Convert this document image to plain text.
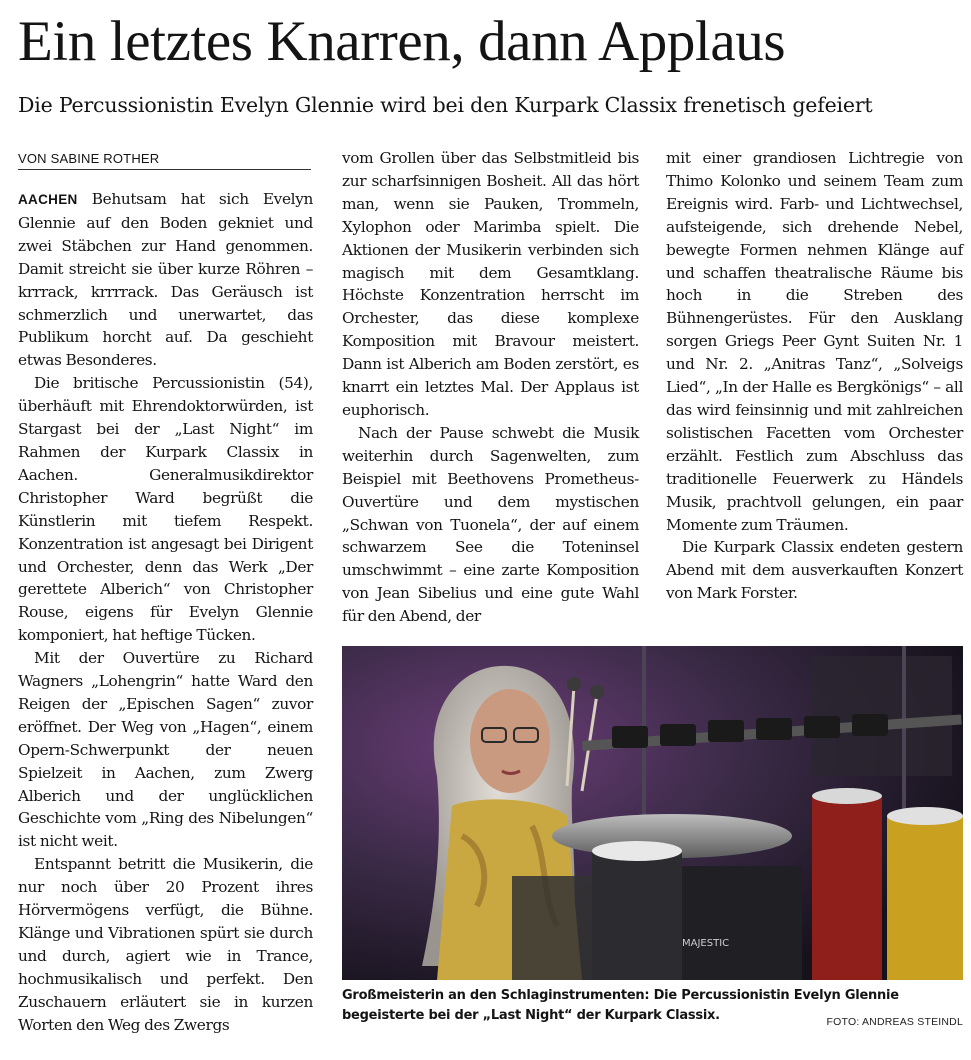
Ein letztes Knarren, dann Applaus
Die Percussionistin Evelyn Glennie wird bei den Kurpark Classix frenetisch gefeiert
VON SABINE ROTHER

AACHEN Behutsam hat sich Evelyn Glennie auf den Boden gekniet und zwei Stäbchen zur Hand genommen. Damit streicht sie über kurze Röhren – krrrack, krrrrack. Das Geräusch ist schmerzlich und unerwartet, das Publikum horcht auf. Da geschieht etwas Besonderes.

Die britische Percussionistin (54), überhäuft mit Ehrendoktorwürden, ist Stargast bei der „Last Night“ im Rahmen der Kurpark Classix in Aachen. Generalmusikdirektor Christopher Ward begrüßt die Künstlerin mit tiefem Respekt. Konzentration ist angesagt bei Dirigent und Orchester, denn das Werk „Der gerettete Alberich“ von Christopher Rouse, eigens für Evelyn Glennie komponiert, hat heftige Tücken.

Mit der Ouvertüre zu Richard Wagners „Lohengrin“ hatte Ward den Reigen der „Epischen Sagen“ zuvor eröffnet. Der Weg von „Hagen“, einem Opern-Schwerpunkt der neuen Spielzeit in Aachen, zum Zwerg Alberich und der unglücklichen Geschichte vom „Ring des Nibelungen“ ist nicht weit.

Entspannt betritt die Musikerin, die nur noch über 20 Prozent ihres Hörvermögens verfügt, die Bühne. Klänge und Vibrationen spürt sie durch und durch, agiert wie in Trance, hochmusikalisch und perfekt. Den Zuschauern erläutert sie in kurzen Worten den Weg des Zwergs

vom Grollen über das Selbstmitleid bis zur scharfsinnigen Bosheit. All das hört man, wenn sie Pauken, Trommeln, Xylophon oder Marimba spielt. Die Aktionen der Musikerin verbinden sich magisch mit dem Gesamtklang. Höchste Konzentration herrscht im Orchester, das diese komplexe Komposition mit Bravour meistert. Dann ist Alberich am Boden zerstört, es knarrt ein letztes Mal. Der Applaus ist euphorisch.

Nach der Pause schwebt die Musik weiterhin durch Sagenwelten, zum Beispiel mit Beethovens Prometheus-Ouvertüre und dem mystischen „Schwan von Tuonela“, der auf einem schwarzem See die Toteninsel umschwimmt – eine zarte Komposition von Jean Sibelius und eine gute Wahl für den Abend, der

mit einer grandiosen Lichtregie von Thimo Kolonko und seinem Team zum Ereignis wird. Farb- und Lichtwechsel, aufsteigende, sich drehende Nebel, bewegte Formen nehmen Klänge auf und schaffen theatralische Räume bis hoch in die Streben des Bühnengerüstes. Für den Ausklang sorgen Griegs Peer Gynt Suiten Nr. 1 und Nr. 2. „Anitras Tanz“, „Solveigs Lied“, „In der Halle es Bergkönigs“ – all das wird feinsinnig und mit zahlreichen solistischen Facetten vom Orchester erzählt. Festlich zum Abschluss das traditionelle Feuerwerk zu Händels Musik, prachtvoll gelungen, ein paar Momente zum Träumen.

Die Kurpark Classix endeten gestern Abend mit dem ausverkauften Konzert von Mark Forster.

MAJESTIC
Großmeisterin an den Schlaginstrumenten: Die Percussionistin Evelyn Glennie
begeisterte bei der „Last Night“ der Kurpark Classix.	FOTO: ANDREAS STEINDL
